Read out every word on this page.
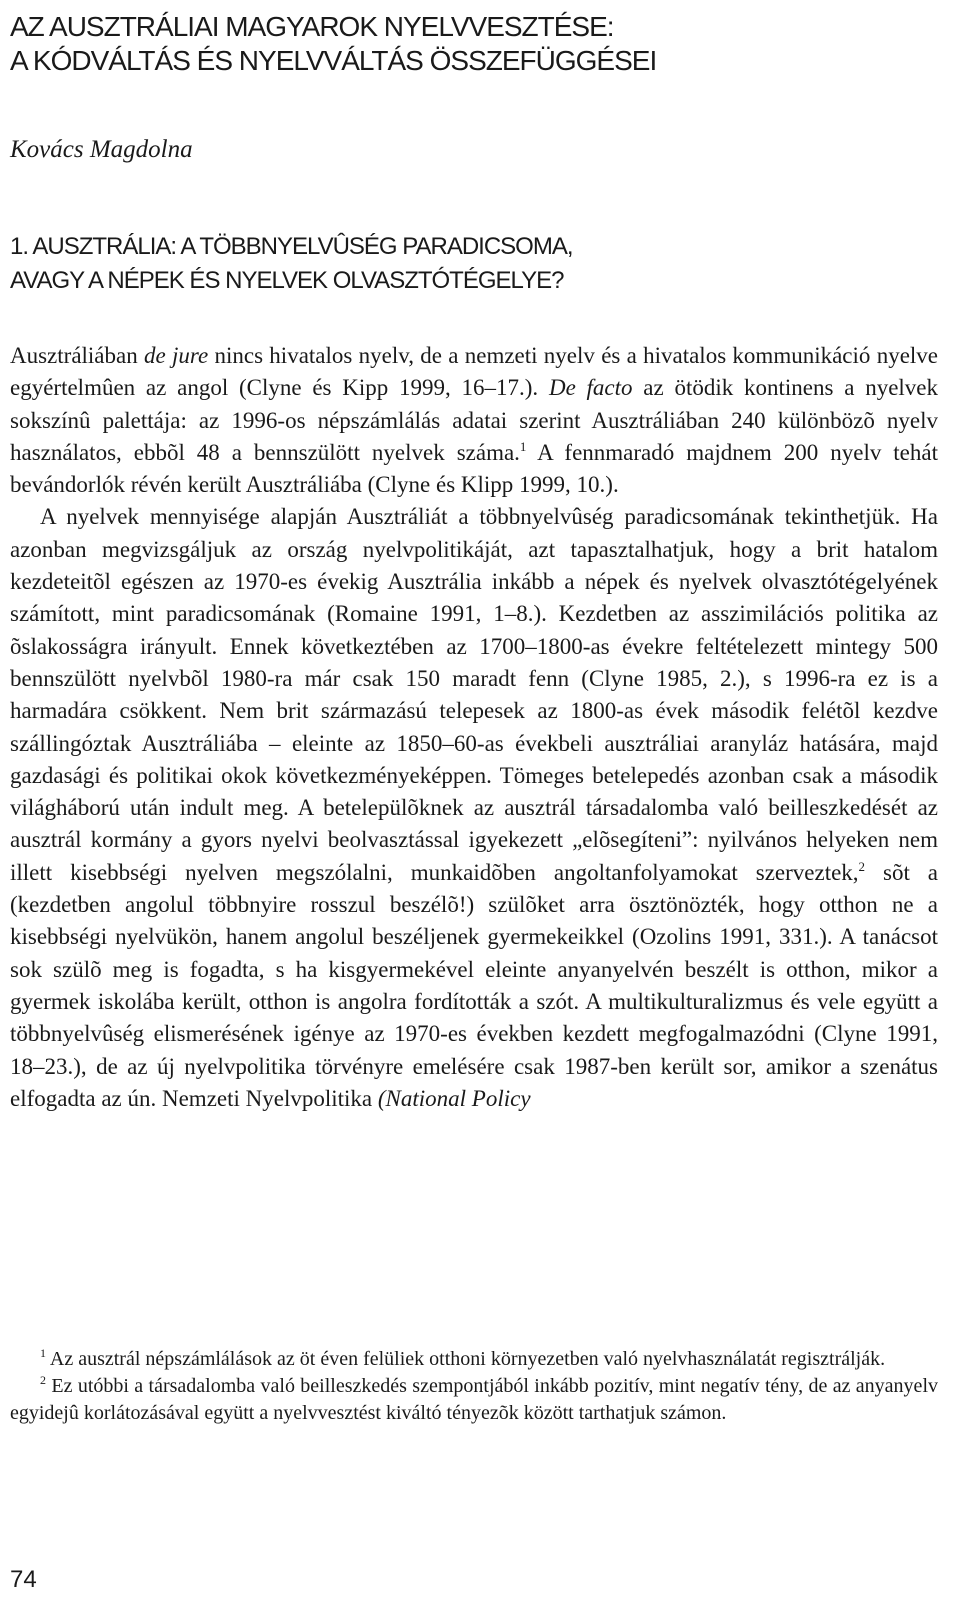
AZ AUSZTRÁLIAI MAGYAROK NYELVVESZTÉSE:
A KÓDVÁLTÁS ÉS NYELVVÁLTÁS ÖSSZEFÜGGÉSEI

Kovács Magdolna

1. AUSZTRÁLIA: A TÖBBNYELVÛSÉG PARADICSOMA,
AVAGY A NÉPEK ÉS NYELVEK OLVASZTÓTÉGELYE?

Ausztráliában de jure nincs hivatalos nyelv, de a nemzeti nyelv és a hivatalos kommunikáció nyelve egyértelmûen az angol (Clyne és Kipp 1999, 16–17.). De facto az ötödik kontinens a nyelvek sokszínû palettája: az 1996-os népszámlálás adatai szerint Ausztráliában 240 különbözõ nyelv használatos, ebbõl 48 a bennszülött nyelvek száma.$^1$ A fennmaradó majdnem 200 nyelv tehát bevándorlók révén került Ausztráliába (Clyne és Klipp 1999, 10.).

A nyelvek mennyisége alapján Ausztráliát a többnyelvûség paradicsomának tekinthetjük. Ha azonban megvizsgáljuk az ország nyelvpolitikáját, azt tapasztalhatjuk, hogy a brit hatalom kezdeteitõl egészen az 1970-es évekig Ausztrália inkább a népek és nyelvek olvasztótégelyének számított, mint paradicsomának (Romaine 1991, 1–8.). Kezdetben az asszimilációs politika az õslakosságra irányult. Ennek következtében az 1700–1800-as évekre feltételezett mintegy 500 bennszülött nyelvbõl 1980-ra már csak 150 maradt fenn (Clyne 1985, 2.), s 1996-ra ez is a harmadára csökkent. Nem brit származású telepesek az 1800-as évek második felétõl kezdve szállingóztak Ausztráliába – eleinte az 1850–60-as évekbeli ausztráliai aranyláz hatására, majd gazdasági és politikai okok következményeképpen. Tömeges betelepedés azonban csak a második világháború után indult meg. A betelepülõknek az ausztrál társadalomba való beilleszkedését az ausztrál kormány a gyors nyelvi beolvasztással igyekezett „elõsegíteni”: nyilvános helyeken nem illett kisebbségi nyelven megszólalni, munkaidõben angoltanfolyamokat szerveztek,$^2$ sõt a (kezdetben angolul többnyire rosszul beszélõ!) szülõket arra ösztönözték, hogy otthon ne a kisebbségi nyelvükön, hanem angolul beszéljenek gyermekeikkel (Ozolins 1991, 331.). A tanácsot sok szülõ meg is fogadta, s ha kisgyermekével eleinte anyanyelvén beszélt is otthon, mikor a gyermek iskolába került, otthon is angolra fordították a szót. A multikulturalizmus és vele együtt a többnyelvûség elismerésének igénye az 1970-es években kezdett megfogalmazódni (Clyne 1991, 18–23.), de az új nyelvpolitika törvényre emelésére csak 1987-ben került sor, amikor a szenátus elfogadta az ún. Nemzeti Nyelvpolitika (National Policy

$^1$ Az ausztrál népszámlálások az öt éven felüliek otthoni környezetben való nyelvhasználatát regisztrálják.

$^2$ Ez utóbbi a társadalomba való beilleszkedés szempontjából inkább pozitív, mint negatív tény, de az anyanyelv egyidejû korlátozásával együtt a nyelvvesztést kiváltó tényezõk között tarthatjuk számon.

74
